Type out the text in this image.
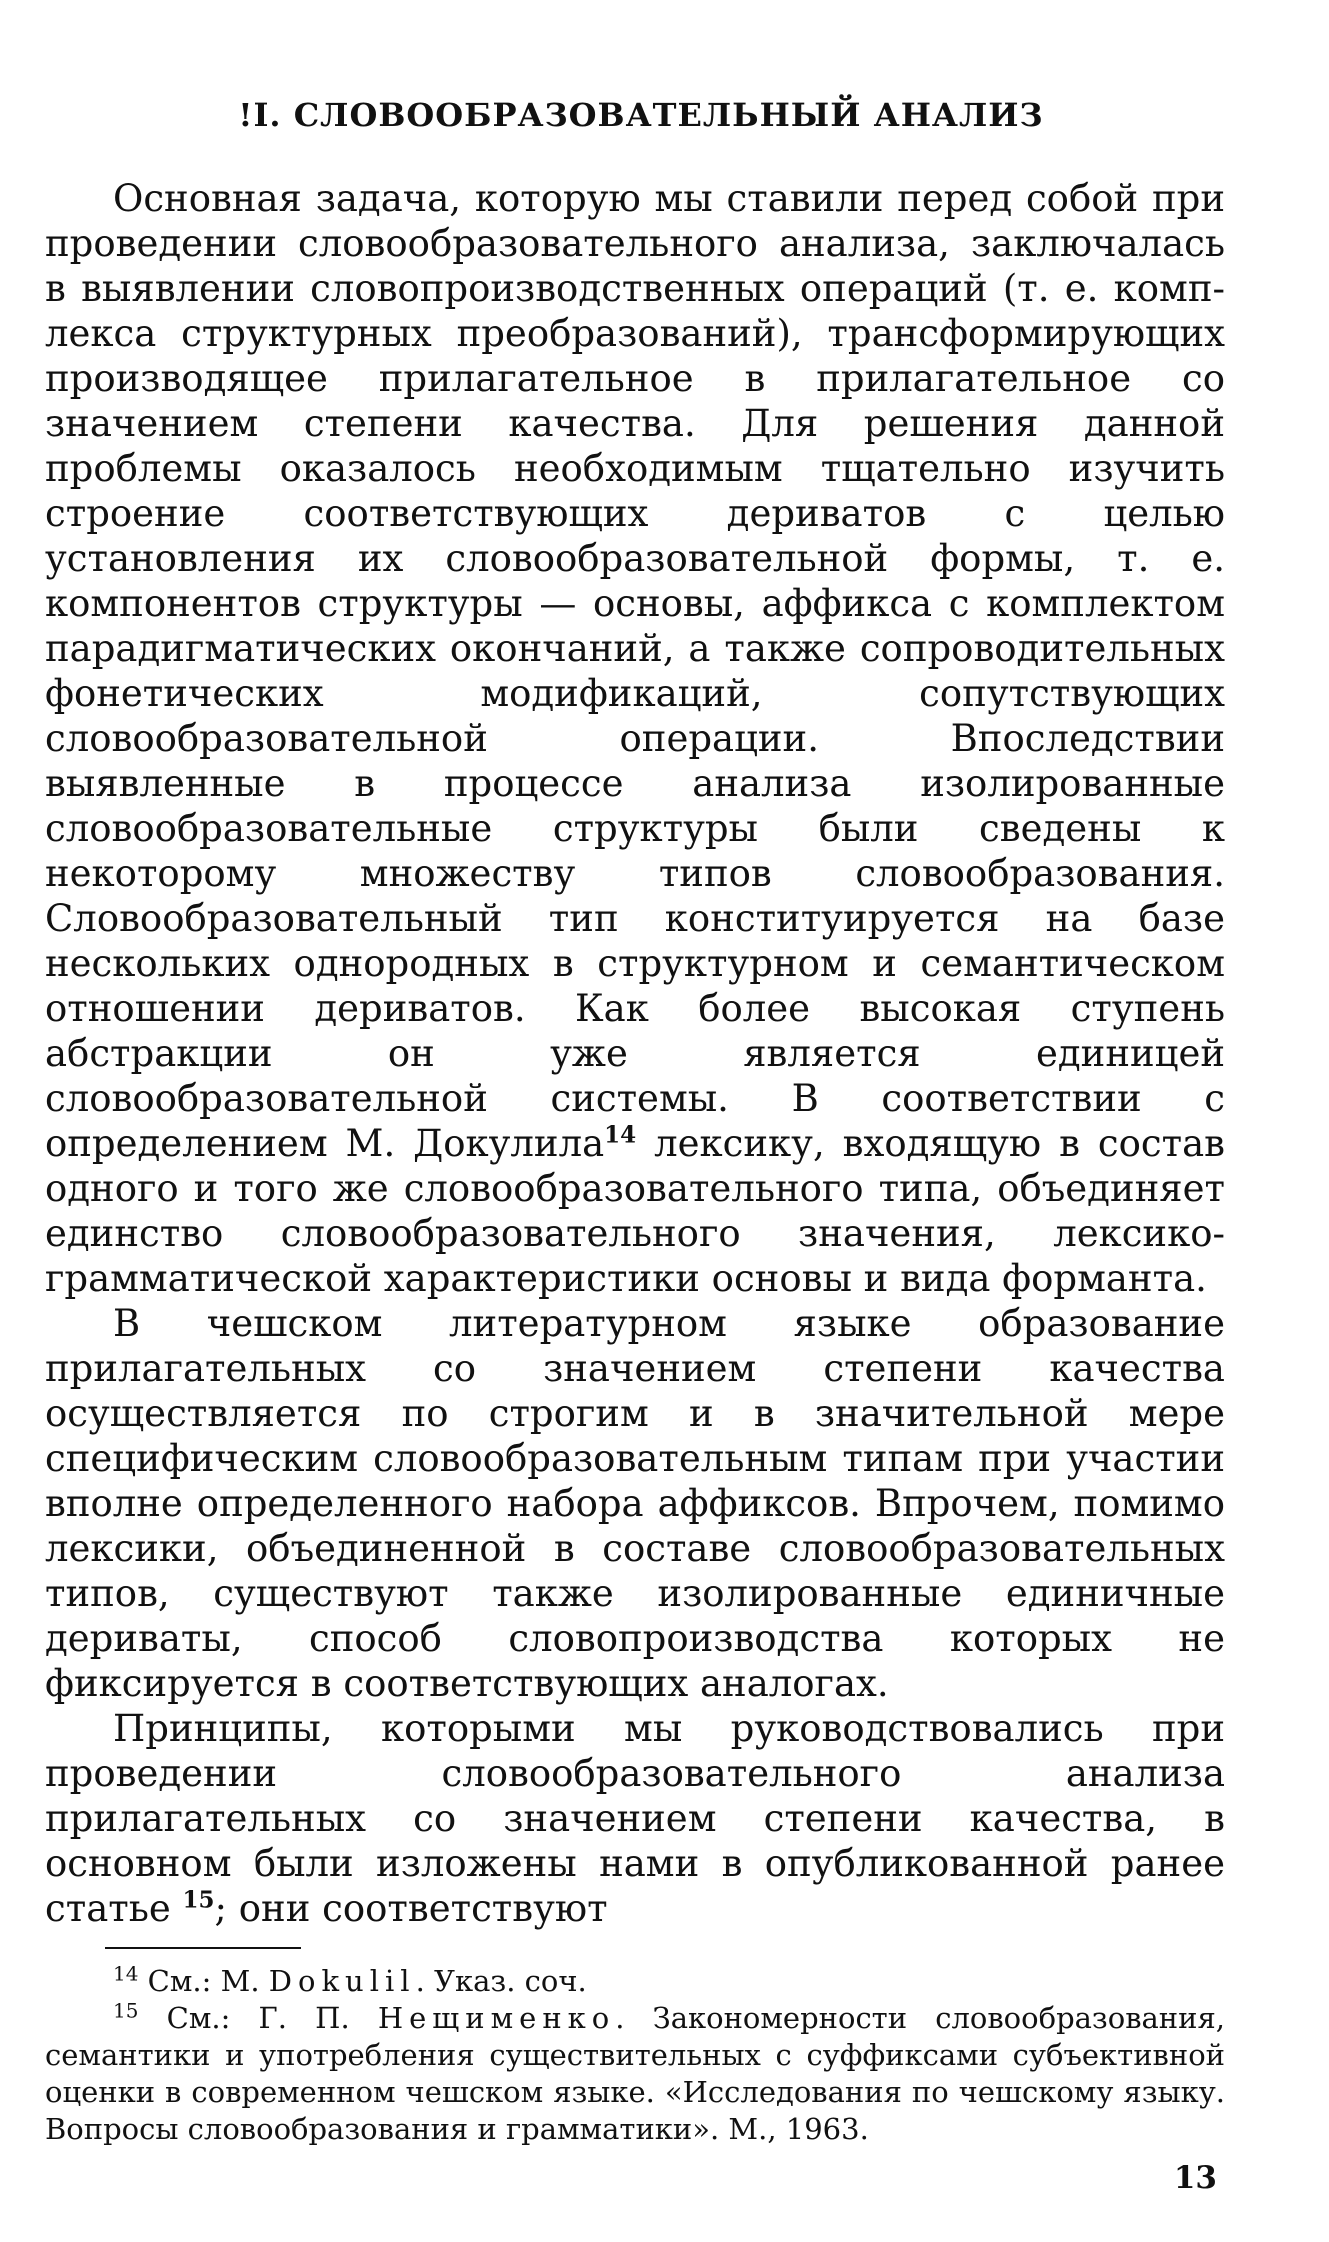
!I. СЛОВООБРАЗОВАТЕЛЬНЫЙ АНАЛИЗ

Основная задача, которую мы ставили перед собой при проведении словообразовательного анализа, заключалась в выявлении словопроизводственных операций (т. е. комп-лекса структурных преобразований), трансформирующих производящее прилагательное в прилагательное со значением степени качества. Для решения данной проблемы оказалось необходимым тщательно изучить строение соответствующих дериватов с целью установления их словообразовательной формы, т. е. компонентов структуры — основы, аффикса с комплектом парадигматических окончаний, а также сопроводительных фонетических модификаций, сопутствующих словообразовательной операции. Впоследствии выявленные в процессе анализа изолированные словообразовательные структуры были сведены к некоторому множеству типов словообразования. Словообразовательный тип конституируется на базе нескольких однородных в структурном и семантическом отношении дериватов. Как более высокая ступень абстракции он уже является единицей словообразовательной системы. В соответствии с определением М. Докулила$^{14}$ лексику, входящую в состав одного и того же словообразовательного типа, объединяет единство словообразовательного значения, лексико-грамматической характеристики основы и вида форманта.

В чешском литературном языке образование прилагательных со значением степени качества осуществляется по строгим и в значительной мере специфическим словообразовательным типам при участии вполне определенного набора аффиксов. Впрочем, помимо лексики, объединенной в составе словообразовательных типов, существуют также изолированные единичные дериваты, способ словопроизводства которых не фиксируется в соответствующих аналогах.

Принципы, которыми мы руководствовались при проведении словообразовательного анализа прилагательных со значением степени качества, в основном были изложены нами в опубликованной ранее статье $^{15}$; они соответствуют

$^{14}$ См.: М. Dokulil. Указ. соч.

$^{15}$ См.: Г. П. Нещименко. Закономерности словообразования, семантики и употребления существительных с суффиксами субъективной оценки в современном чешском языке. «Исследования по чешскому языку. Вопросы словообразования и грамматики». М., 1963.

13
